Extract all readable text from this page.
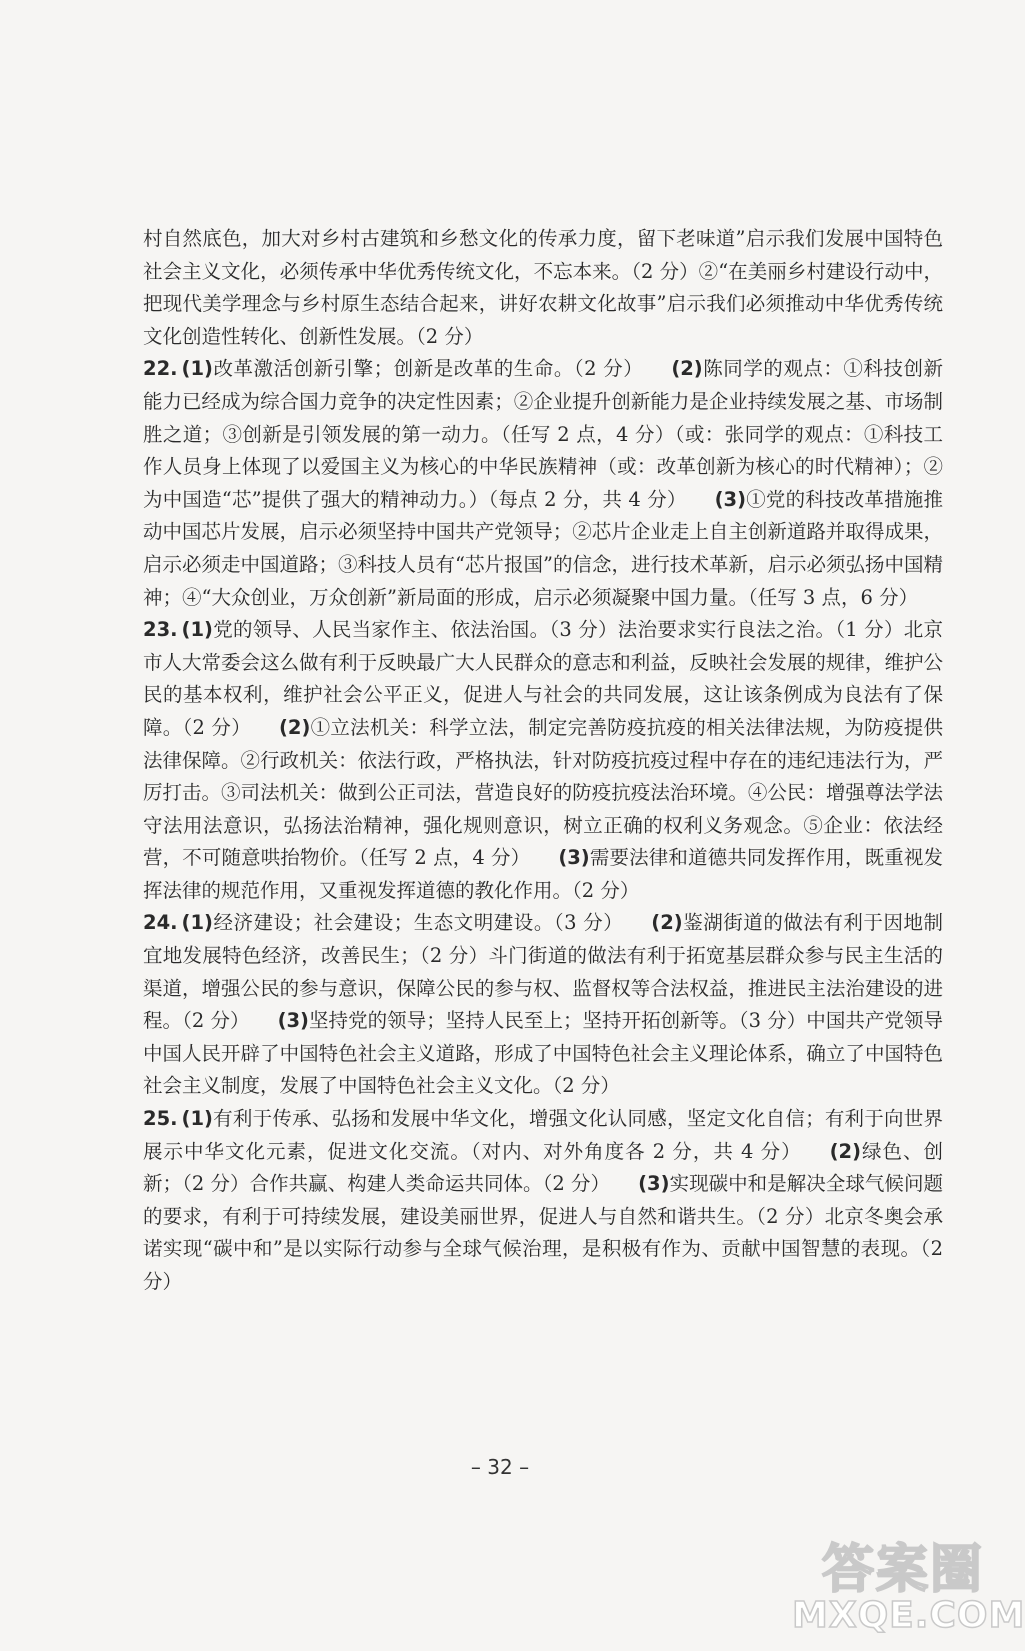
村自然底色，加大对乡村古建筑和乡愁文化的传承力度，留下老味道”启示我们发展中国特色社会主义文化，必须传承中华优秀传统文化，不忘本来。（2 分）②“在美丽乡村建设行动中，把现代美学理念与乡村原生态结合起来，讲好农耕文化故事”启示我们必须推动中华优秀传统文化创造性转化、创新性发展。（2 分）

22. (1)改革激活创新引擎；创新是改革的生命。（2 分） (2)陈同学的观点：①科技创新能力已经成为综合国力竞争的决定性因素；②企业提升创新能力是企业持续发展之基、市场制胜之道；③创新是引领发展的第一动力。（任写 2 点，4 分）（或：张同学的观点：①科技工作人员身上体现了以爱国主义为核心的中华民族精神（或：改革创新为核心的时代精神）；②为中国造“芯”提供了强大的精神动力。）（每点 2 分，共 4 分） (3)①党的科技改革措施推动中国芯片发展，启示必须坚持中国共产党领导；②芯片企业走上自主创新道路并取得成果，启示必须走中国道路；③科技人员有“芯片报国”的信念，进行技术革新，启示必须弘扬中国精神；④“大众创业，万众创新”新局面的形成，启示必须凝聚中国力量。（任写 3 点，6 分）

23. (1)党的领导、人民当家作主、依法治国。（3 分）法治要求实行良法之治。（1 分）北京市人大常委会这么做有利于反映最广大人民群众的意志和利益，反映社会发展的规律，维护公民的基本权利，维护社会公平正义，促进人与社会的共同发展，这让该条例成为良法有了保障。（2 分） (2)①立法机关：科学立法，制定完善防疫抗疫的相关法律法规，为防疫提供法律保障。②行政机关：依法行政，严格执法，针对防疫抗疫过程中存在的违纪违法行为，严厉打击。③司法机关：做到公正司法，营造良好的防疫抗疫法治环境。④公民：增强尊法学法守法用法意识，弘扬法治精神，强化规则意识，树立正确的权利义务观念。⑤企业：依法经营，不可随意哄抬物价。（任写 2 点，4 分） (3)需要法律和道德共同发挥作用，既重视发挥法律的规范作用，又重视发挥道德的教化作用。（2 分）

24. (1)经济建设；社会建设；生态文明建设。（3 分） (2)鉴湖街道的做法有利于因地制宜地发展特色经济，改善民生；（2 分）斗门街道的做法有利于拓宽基层群众参与民主生活的渠道，增强公民的参与意识，保障公民的参与权、监督权等合法权益，推进民主法治建设的进程。（2 分） (3)坚持党的领导；坚持人民至上；坚持开拓创新等。（3 分）中国共产党领导中国人民开辟了中国特色社会主义道路，形成了中国特色社会主义理论体系，确立了中国特色社会主义制度，发展了中国特色社会主义文化。（2 分）

25. (1)有利于传承、弘扬和发展中华文化，增强文化认同感，坚定文化自信；有利于向世界展示中华文化元素，促进文化交流。（对内、对外角度各 2 分，共 4 分） (2)绿色、创新；（2 分）合作共赢、构建人类命运共同体。（2 分） (3)实现碳中和是解决全球气候问题的要求，有利于可持续发展，建设美丽世界，促进人与自然和谐共生。（2 分）北京冬奥会承诺实现“碳中和”是以实际行动参与全球气候治理，是积极有作为、贡献中国智慧的表现。（2 分）

– 32 –
答案圈
MXQE.COM
